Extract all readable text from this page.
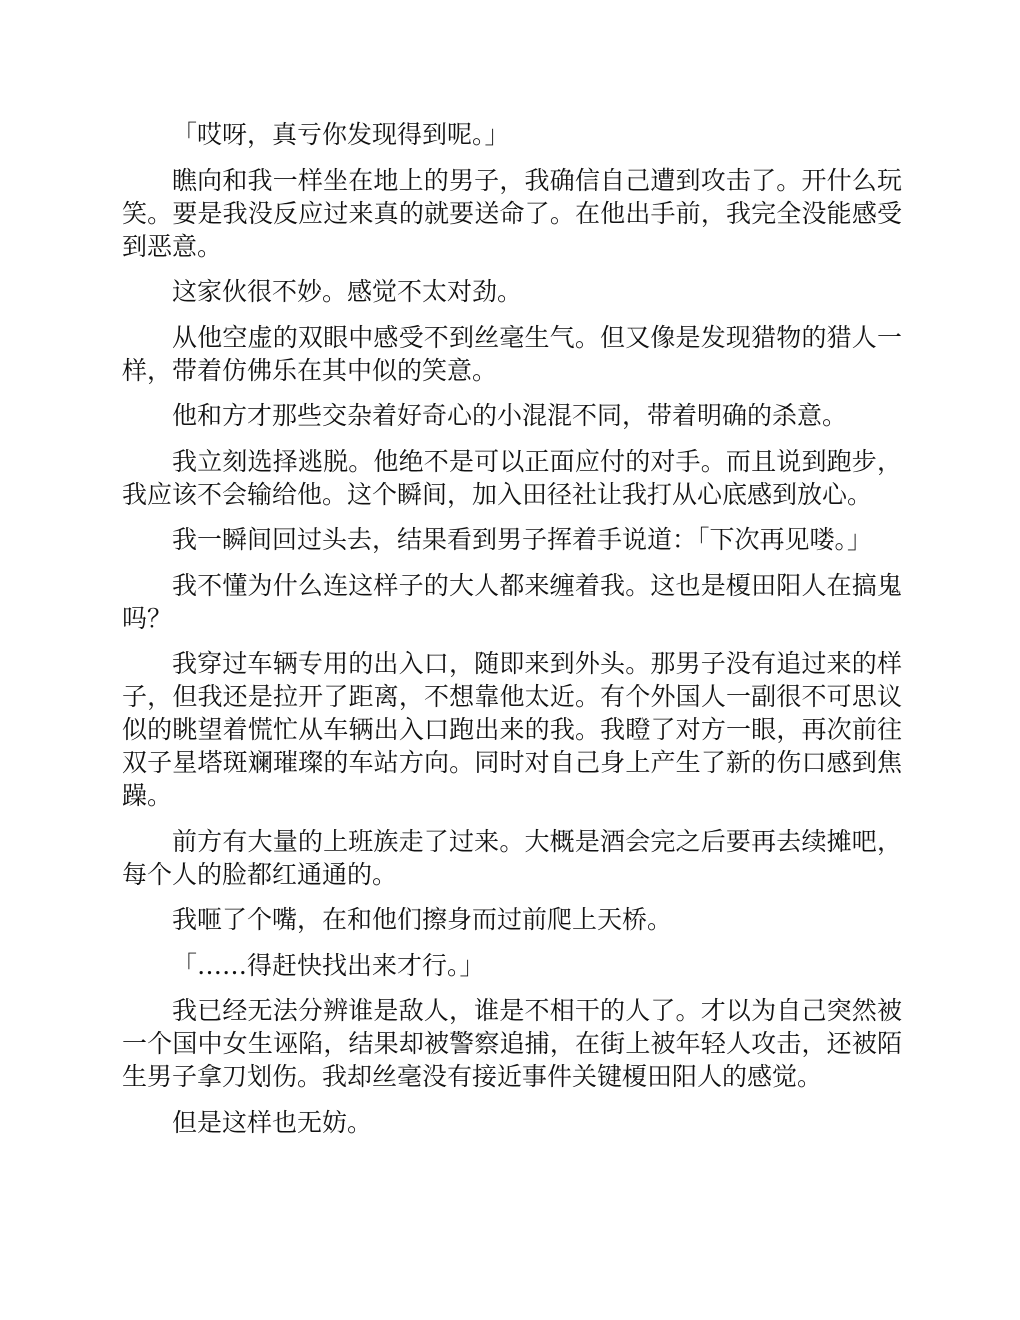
「哎呀，真亏你发现得到呢。」

瞧向和我一样坐在地上的男子，我确信自己遭到攻击了。开什么玩笑。要是我没反应过来真的就要送命了。在他出手前，我完全没能感受到恶意。

这家伙很不妙。感觉不太对劲。

从他空虚的双眼中感受不到丝毫生气。但又像是发现猎物的猎人一样，带着仿佛乐在其中似的笑意。

他和方才那些交杂着好奇心的小混混不同，带着明确的杀意。

我立刻选择逃脱。他绝不是可以正面应付的对手。而且说到跑步，我应该不会输给他。这个瞬间，加入田径社让我打从心底感到放心。

我一瞬间回过头去，结果看到男子挥着手说道：「下次再见喽。」

我不懂为什么连这样子的大人都来缠着我。这也是榎田阳人在搞鬼吗？

我穿过车辆专用的出入口，随即来到外头。那男子没有追过来的样子，但我还是拉开了距离，不想靠他太近。有个外国人一副很不可思议似的眺望着慌忙从车辆出入口跑出来的我。我瞪了对方一眼，再次前往双子星塔斑斓璀璨的车站方向。同时对自己身上产生了新的伤口感到焦躁。

前方有大量的上班族走了过来。大概是酒会完之后要再去续摊吧，每个人的脸都红通通的。

我咂了个嘴，在和他们擦身而过前爬上天桥。

「……得赶快找出来才行。」

我已经无法分辨谁是敌人，谁是不相干的人了。才以为自己突然被一个国中女生诬陷，结果却被警察追捕，在街上被年轻人攻击，还被陌生男子拿刀划伤。我却丝毫没有接近事件关键榎田阳人的感觉。

但是这样也无妨。
